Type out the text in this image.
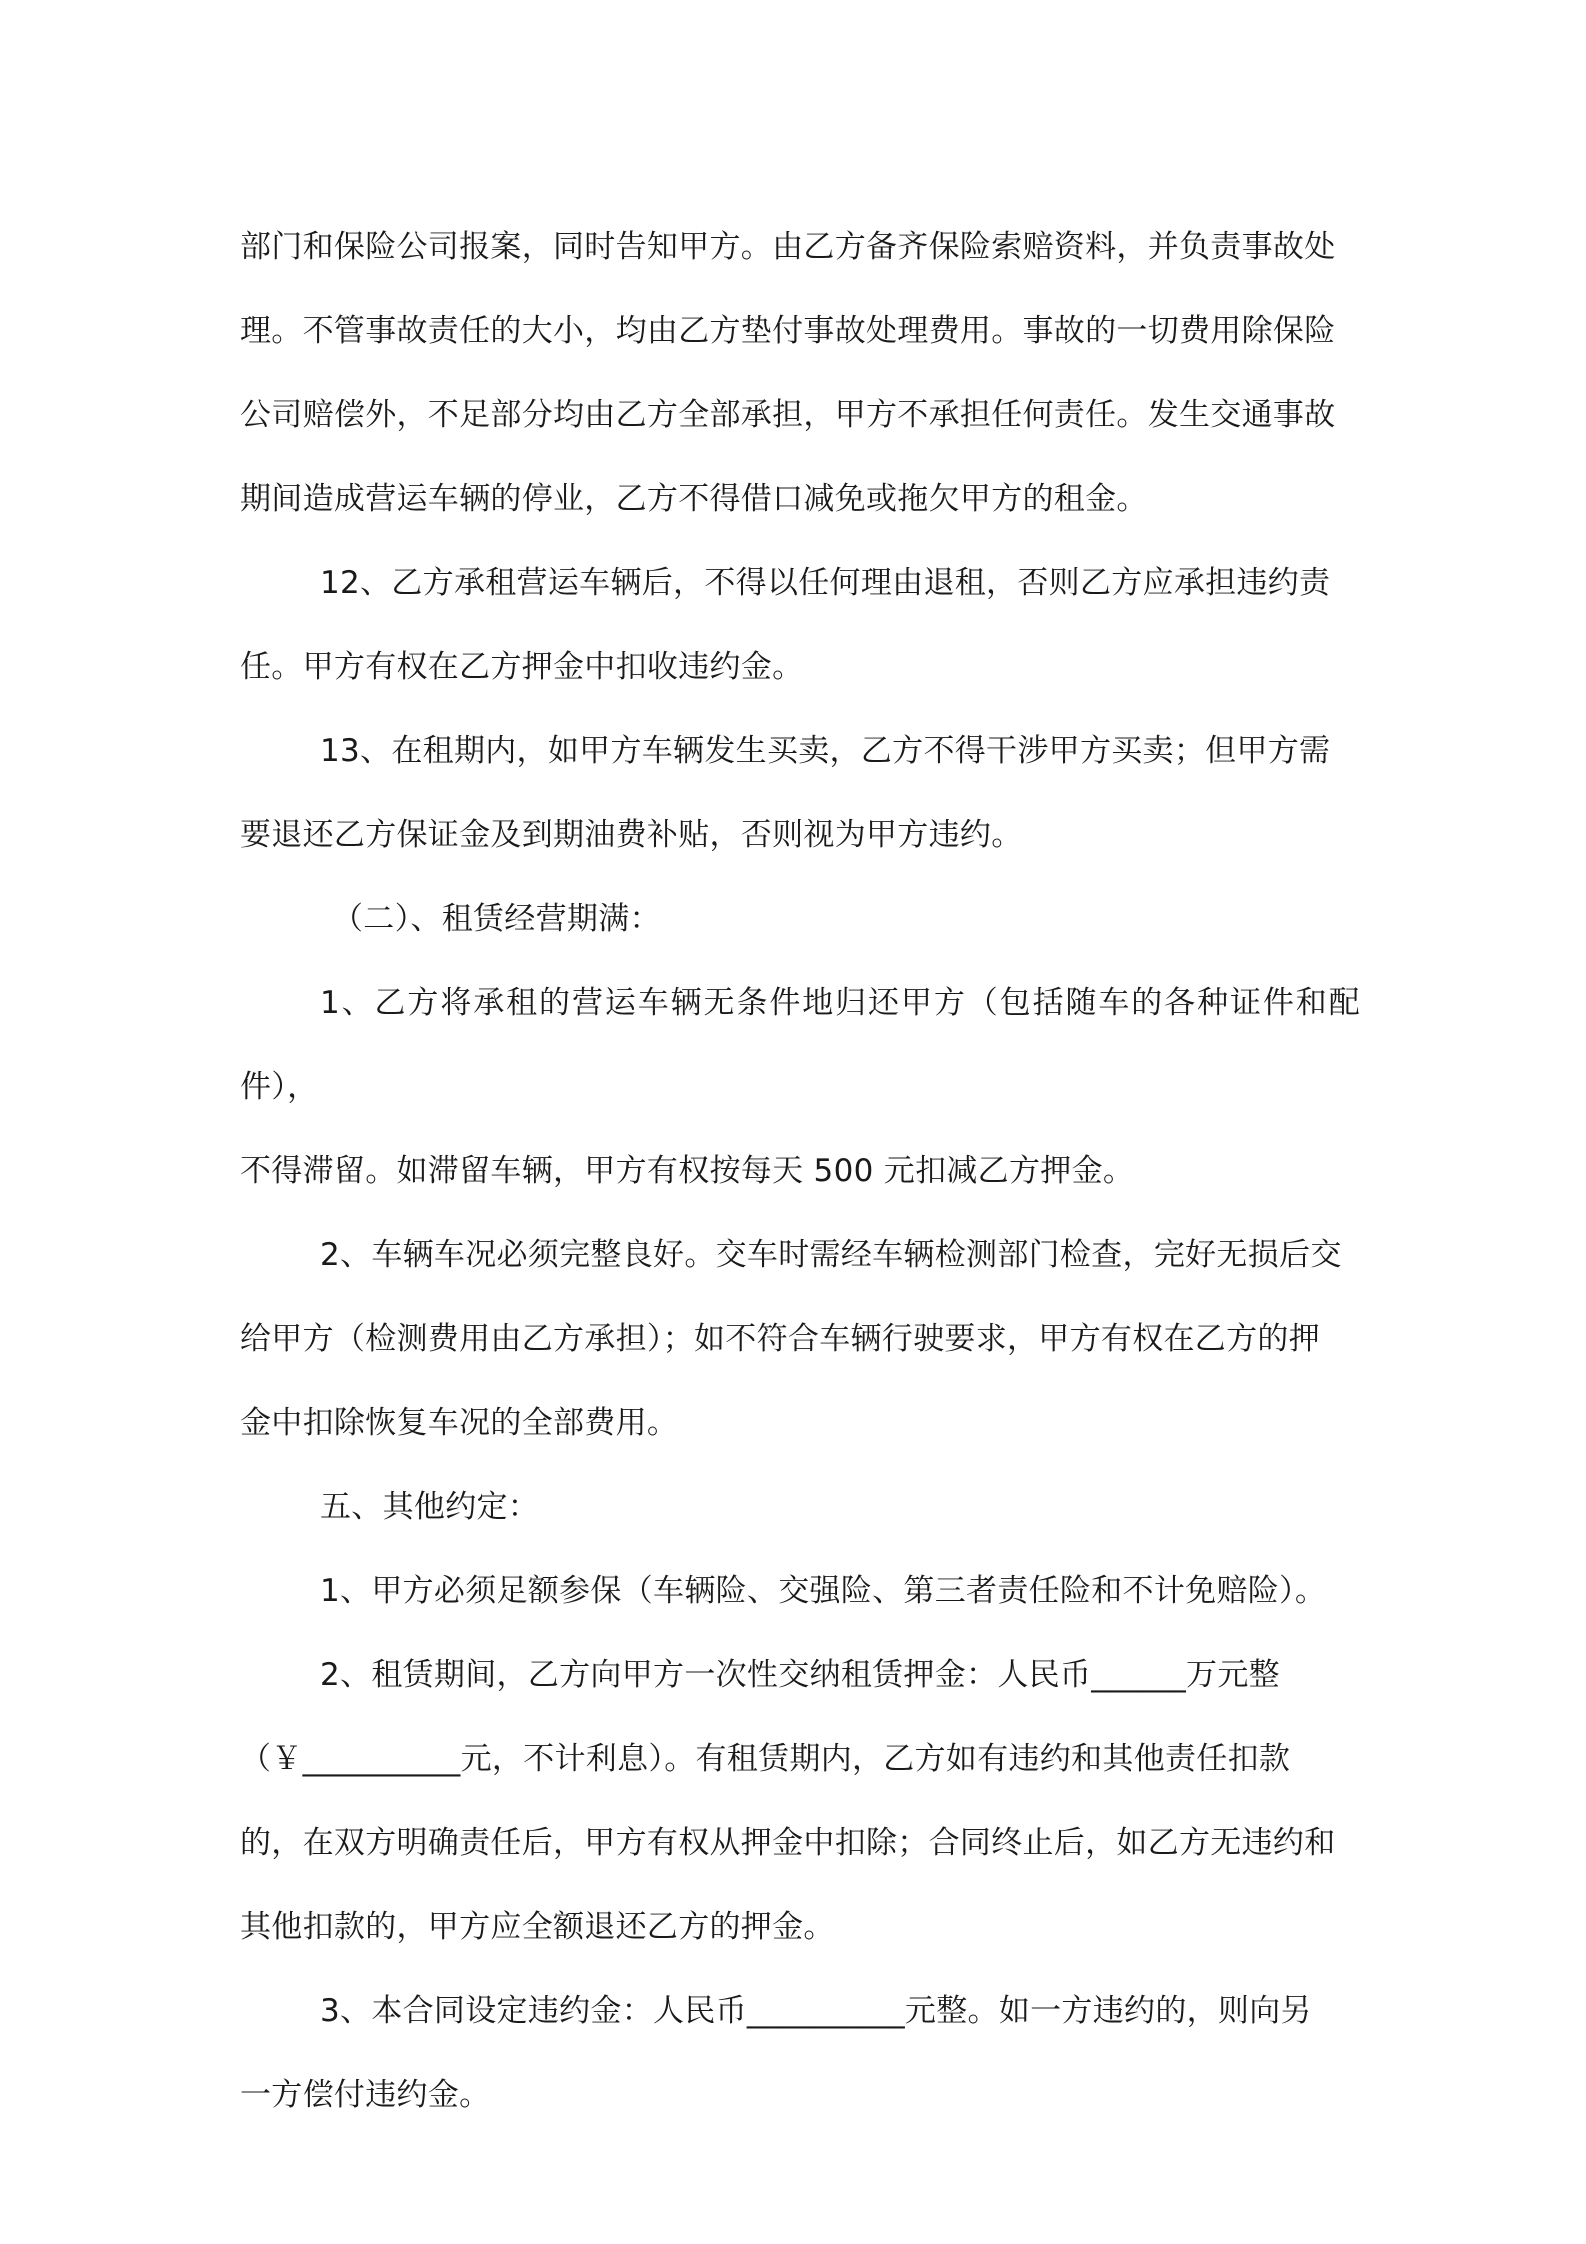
部门和保险公司报案，同时告知甲方。由乙方备齐保险索赔资料，并负责事故处
理。不管事故责任的大小，均由乙方垫付事故处理费用。事故的一切费用除保险
公司赔偿外，不足部分均由乙方全部承担，甲方不承担任何责任。发生交通事故
期间造成营运车辆的停业，乙方不得借口减免或拖欠甲方的租金。
12、乙方承租营运车辆后，不得以任何理由退租，否则乙方应承担违约责
任。甲方有权在乙方押金中扣收违约金。
13、在租期内，如甲方车辆发生买卖，乙方不得干涉甲方买卖；但甲方需
要退还乙方保证金及到期油费补贴，否则视为甲方违约。
（二）、租赁经营期满：
1、乙方将承租的营运车辆无条件地归还甲方（包括随车的各种证件和配件），
不得滞留。如滞留车辆，甲方有权按每天 500 元扣减乙方押金。
2、车辆车况必须完整良好。交车时需经车辆检测部门检查，完好无损后交
给甲方（检测费用由乙方承担）；如不符合车辆行驶要求，甲方有权在乙方的押
金中扣除恢复车况的全部费用。
五、其他约定：
1、甲方必须足额参保（车辆险、交强险、第三者责任险和不计免赔险）。
2、租赁期间，乙方向甲方一次性交纳租赁押金：人民币______万元整
（￥__________元，不计利息）。有租赁期内，乙方如有违约和其他责任扣款
的，在双方明确责任后，甲方有权从押金中扣除；合同终止后，如乙方无违约和
其他扣款的，甲方应全额退还乙方的押金。
3、本合同设定违约金：人民币__________元整。如一方违约的，则向另
一方偿付违约金。
